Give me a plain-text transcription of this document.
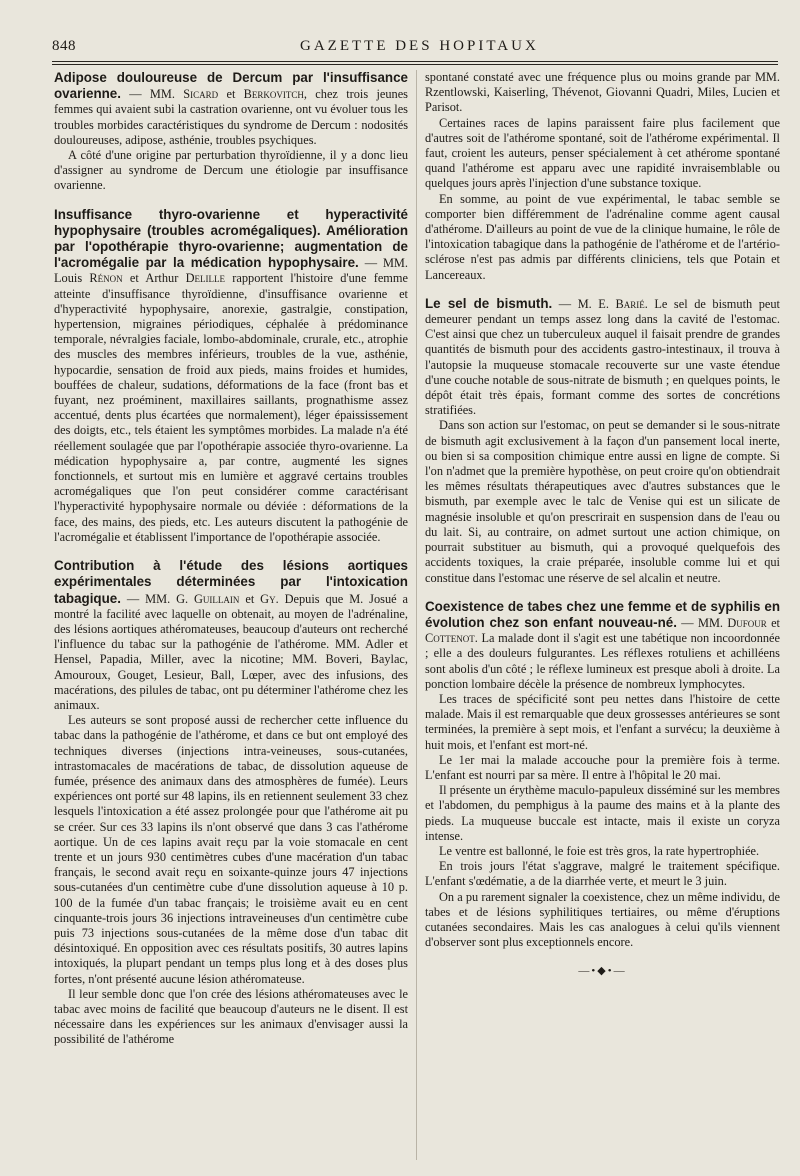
848	GAZETTE DES HOPITAUX

Adipose douloureuse de Dercum par l'insuffisance ovarienne. — MM. Sicard et Berkovitch, chez trois jeunes femmes qui avaient subi la castration ovarienne, ont vu évoluer tous les troubles morbides caractéristiques du syndrome de Dercum : nodosités douloureuses, adipose, asthénie, troubles psychiques.

A côté d'une origine par perturbation thyroïdienne, il y a donc lieu d'assigner au syndrome de Dercum une étiologie par insuffisance ovarienne.

Insuffisance thyro-ovarienne et hyperactivité hypophysaire (troubles acromégaliques). Amélioration par l'opothérapie thyro-ovarienne; augmentation de l'acromégalie par la médication hypophysaire. — MM. Louis Rénon et Arthur Delille rapportent l'histoire d'une femme atteinte d'insuffisance thyroïdienne, d'insuffisance ovarienne et d'hyperactivité hypophysaire, anorexie, gastralgie, constipation, hypertension, migraines périodiques, céphalée à prédominance temporale, névralgies faciale, lombo-abdominale, crurale, etc., atrophie des muscles des membres inférieurs, troubles de la vue, asthénie, hypocardie, sensation de froid aux pieds, mains froides et humides, bouffées de chaleur, sudations, déformations de la face (front bas et fuyant, nez proéminent, maxillaires saillants, prognathisme assez accentué, dents plus écartées que normalement), léger épaississement des doigts, etc., tels étaient les symptômes morbides. La malade n'a été réellement soulagée que par l'opothérapie associée thyro-ovarienne. La médication hypophysaire a, par contre, augmenté les signes fonctionnels, et surtout mis en lumière et aggravé certains troubles acromégaliques que l'on peut considérer comme caractérisant l'hyperactivité hypophysaire normale ou déviée : déformations de la face, des mains, des pieds, etc. Les auteurs discutent la pathogénie de l'acromégalie et établissent l'importance de l'opothérapie associée.

Contribution à l'étude des lésions aortiques expérimentales déterminées par l'intoxication tabagique. — MM. G. Guillain et Gy. Depuis que M. Josué a montré la facilité avec laquelle on obtenait, au moyen de l'adrénaline, des lésions aortiques athéromateuses, beaucoup d'auteurs ont recherché l'influence du tabac sur la pathogénie de l'athérome. MM. Adler et Hensel, Papadia, Miller, avec la nicotine; MM. Boveri, Baylac, Amouroux, Gouget, Lesieur, Ball, Lœper, avec des infusions, des macérations, des pilules de tabac, ont pu déterminer l'athérome chez les animaux.

Les auteurs se sont proposé aussi de rechercher cette influence du tabac dans la pathogénie de l'athérome, et dans ce but ont employé des techniques diverses (injections intra-veineuses, sous-cutanées, intrastomacales de macérations de tabac, de dissolution aqueuse de fumée, présence des animaux dans des atmosphères de fumée). Leurs expériences ont porté sur 48 lapins, ils en retiennent seulement 33 chez lesquels l'intoxication a été assez prolongée pour que l'athérome ait pu se créer. Sur ces 33 lapins ils n'ont observé que dans 3 cas l'athérome aortique. Un de ces lapins avait reçu par la voie stomacale en cent trente et un jours 930 centimètres cubes d'une macération d'un tabac français, le second avait reçu en soixante-quinze jours 47 injections sous-cutanées d'un centimètre cube d'une dissolution aqueuse à 10 p. 100 de la fumée d'un tabac français; le troisième avait eu en cent cinquante-trois jours 36 injections intraveineuses d'un centimètre cube puis 73 injections sous-cutanées de la même dose d'un tabac dit désintoxiqué. En opposition avec ces résultats positifs, 30 autres lapins intoxiqués, la plupart pendant un temps plus long et à des doses plus fortes, n'ont présenté aucune lésion athéromateuse.

Il leur semble donc que l'on crée des lésions athéromateuses avec le tabac avec moins de facilité que beaucoup d'auteurs ne le disent. Il est nécessaire dans les expériences sur les animaux d'envisager aussi la possibilité de l'athérome

spontané constaté avec une fréquence plus ou moins grande par MM. Rzentlowski, Kaiserling, Thévenot, Giovanni Quadri, Miles, Lucien et Parisot.

Certaines races de lapins paraissent faire plus facilement que d'autres soit de l'athérome spontané, soit de l'athérome expérimental. Il faut, croient les auteurs, penser spécialement à cet athérome spontané quand l'athérome est apparu avec une rapidité invraisemblable ou quelques jours après l'injection d'une substance toxique.

En somme, au point de vue expérimental, le tabac semble se comporter bien différemment de l'adrénaline comme agent causal d'athérome. D'ailleurs au point de vue de la clinique humaine, le rôle de l'intoxication tabagique dans la pathogénie de l'athérome et de l'artério-sclérose n'est pas admis par différents cliniciens, tels que Potain et Lancereaux.

Le sel de bismuth. — M. E. Barié. Le sel de bismuth peut demeurer pendant un temps assez long dans la cavité de l'estomac. C'est ainsi que chez un tuberculeux auquel il faisait prendre de grandes quantités de bismuth pour des accidents gastro-intestinaux, il trouva à l'autopsie la muqueuse stomacale recouverte sur une vaste étendue d'une couche notable de sous-nitrate de bismuth ; en quelques points, le dépôt était très épais, formant comme des sortes de concrétions stratifiées.

Dans son action sur l'estomac, on peut se demander si le sous-nitrate de bismuth agit exclusivement à la façon d'un pansement local inerte, ou bien si sa composition chimique entre aussi en ligne de compte. Si l'on n'admet que la première hypothèse, on peut croire qu'on obtiendrait les mêmes résultats thérapeutiques avec d'autres substances que le bismuth, par exemple avec le talc de Venise qui est un silicate de magnésie insoluble et qu'on prescrirait en suspension dans de l'eau ou du lait. Si, au contraire, on admet surtout une action chimique, on pourrait substituer au bismuth, qui a provoqué quelquefois des accidents toxiques, la craie préparée, insoluble comme lui et qui constitue dans l'estomac une réserve de sel alcalin et neutre.

Coexistence de tabes chez une femme et de syphilis en évolution chez son enfant nouveau-né. — MM. Dufour et Cottenot. La malade dont il s'agit est une tabétique non incoordonnée ; elle a des douleurs fulgurantes. Les réflexes rotuliens et achilléens sont abolis d'un côté ; le réflexe lumineux est presque aboli à droite. La ponction lombaire décèle la présence de nombreux lymphocytes.

Les traces de spécificité sont peu nettes dans l'histoire de cette malade. Mais il est remarquable que deux grossesses antérieures se sont terminées, la première à sept mois, et l'enfant a survécu; la deuxième à huit mois, et l'enfant est mort-né.

Le 1er mai la malade accouche pour la première fois à terme. L'enfant est nourri par sa mère. Il entre à l'hôpital le 20 mai.

Il présente un érythème maculo-papuleux disséminé sur les membres et l'abdomen, du pemphigus à la paume des mains et à la plante des pieds. La muqueuse buccale est intacte, mais il existe un coryza intense.

Le ventre est ballonné, le foie est très gros, la rate hypertrophiée.

En trois jours l'état s'aggrave, malgré le traitement spécifique. L'enfant s'œdématie, a de la diarrhée verte, et meurt le 3 juin.

On a pu rarement signaler la coexistence, chez un même individu, de tabes et de lésions syphilitiques tertiaires, ou même d'éruptions cutanées secondaires. Mais les cas analogues à celui qu'ils viennent d'observer sont plus exceptionnels encore.

—•◆•—
